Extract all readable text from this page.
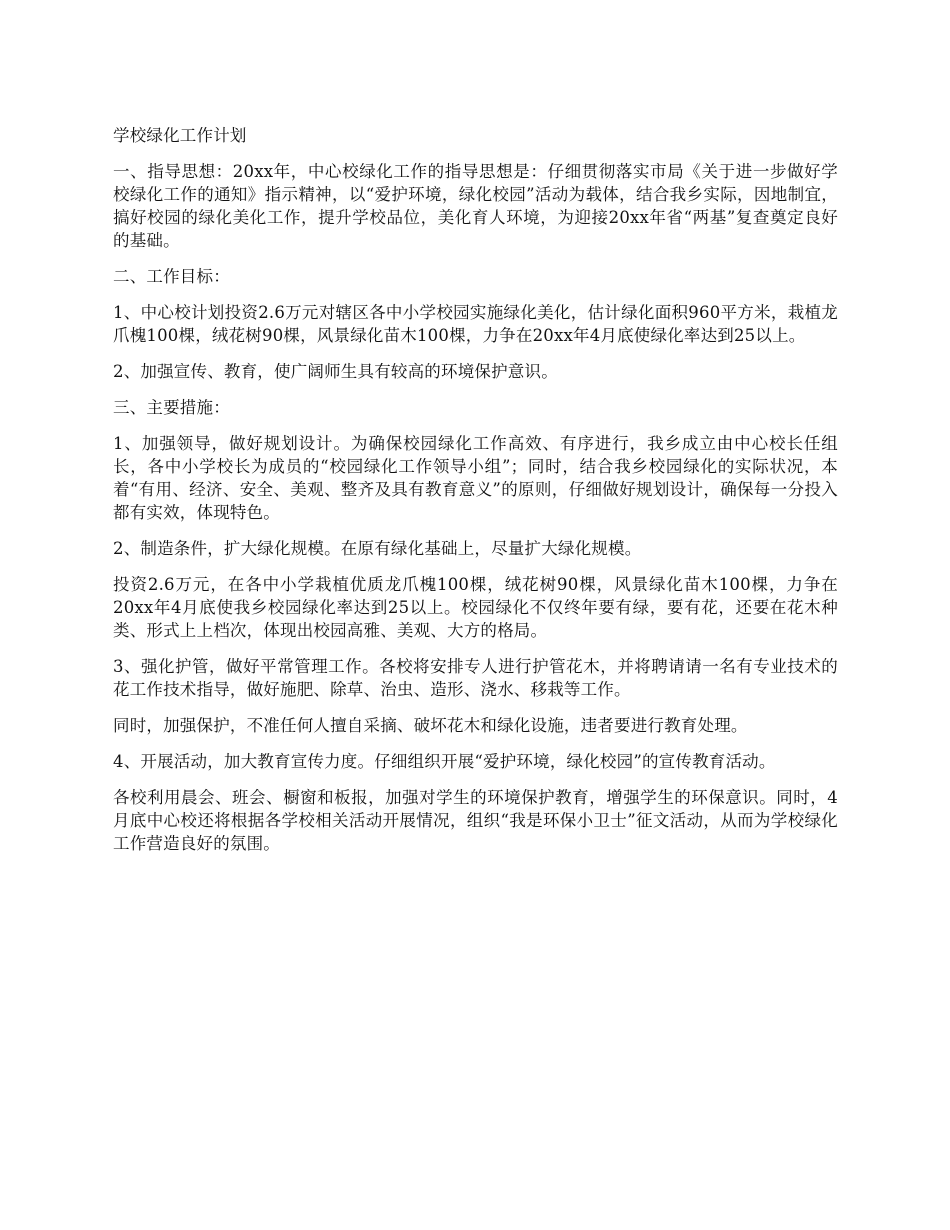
学校绿化工作计划

一、指导思想：20xx年，中心校绿化工作的指导思想是：仔细贯彻落实市局《关于进一步做好学校绿化工作的通知》指示精神，以“爱护环境，绿化校园”活动为载体，结合我乡实际，因地制宜，搞好校园的绿化美化工作，提升学校品位，美化育人环境，为迎接20xx年省“两基”复查奠定良好的基础。

二、工作目标：

1、中心校计划投资2.6万元对辖区各中小学校园实施绿化美化，估计绿化面积960平方米，栽植龙爪槐100棵，绒花树90棵，风景绿化苗木100棵，力争在20xx年4月底使绿化率达到25以上。

2、加强宣传、教育，使广阔师生具有较高的环境保护意识。

三、主要措施：

1、加强领导，做好规划设计。为确保校园绿化工作高效、有序进行，我乡成立由中心校长任组长，各中小学校长为成员的“校园绿化工作领导小组”；同时，结合我乡校园绿化的实际状况，本着“有用、经济、安全、美观、整齐及具有教育意义”的原则，仔细做好规划设计，确保每一分投入都有实效，体现特色。

2、制造条件，扩大绿化规模。在原有绿化基础上，尽量扩大绿化规模。

投资2.6万元，在各中小学栽植优质龙爪槐100棵，绒花树90棵，风景绿化苗木100棵，力争在20xx年4月底使我乡校园绿化率达到25以上。校园绿化不仅终年要有绿，要有花，还要在花木种类、形式上上档次，体现出校园高雅、美观、大方的格局。

3、强化护管，做好平常管理工作。各校将安排专人进行护管花木，并将聘请请一名有专业技术的花工作技术指导，做好施肥、除草、治虫、造形、浇水、移栽等工作。

同时，加强保护，不准任何人擅自采摘、破坏花木和绿化设施，违者要进行教育处理。

4、开展活动，加大教育宣传力度。仔细组织开展“爱护环境，绿化校园”的宣传教育活动。

各校利用晨会、班会、橱窗和板报，加强对学生的环境保护教育，增强学生的环保意识。同时，4月底中心校还将根据各学校相关活动开展情况，组织“我是环保小卫士”征文活动，从而为学校绿化工作营造良好的氛围。
